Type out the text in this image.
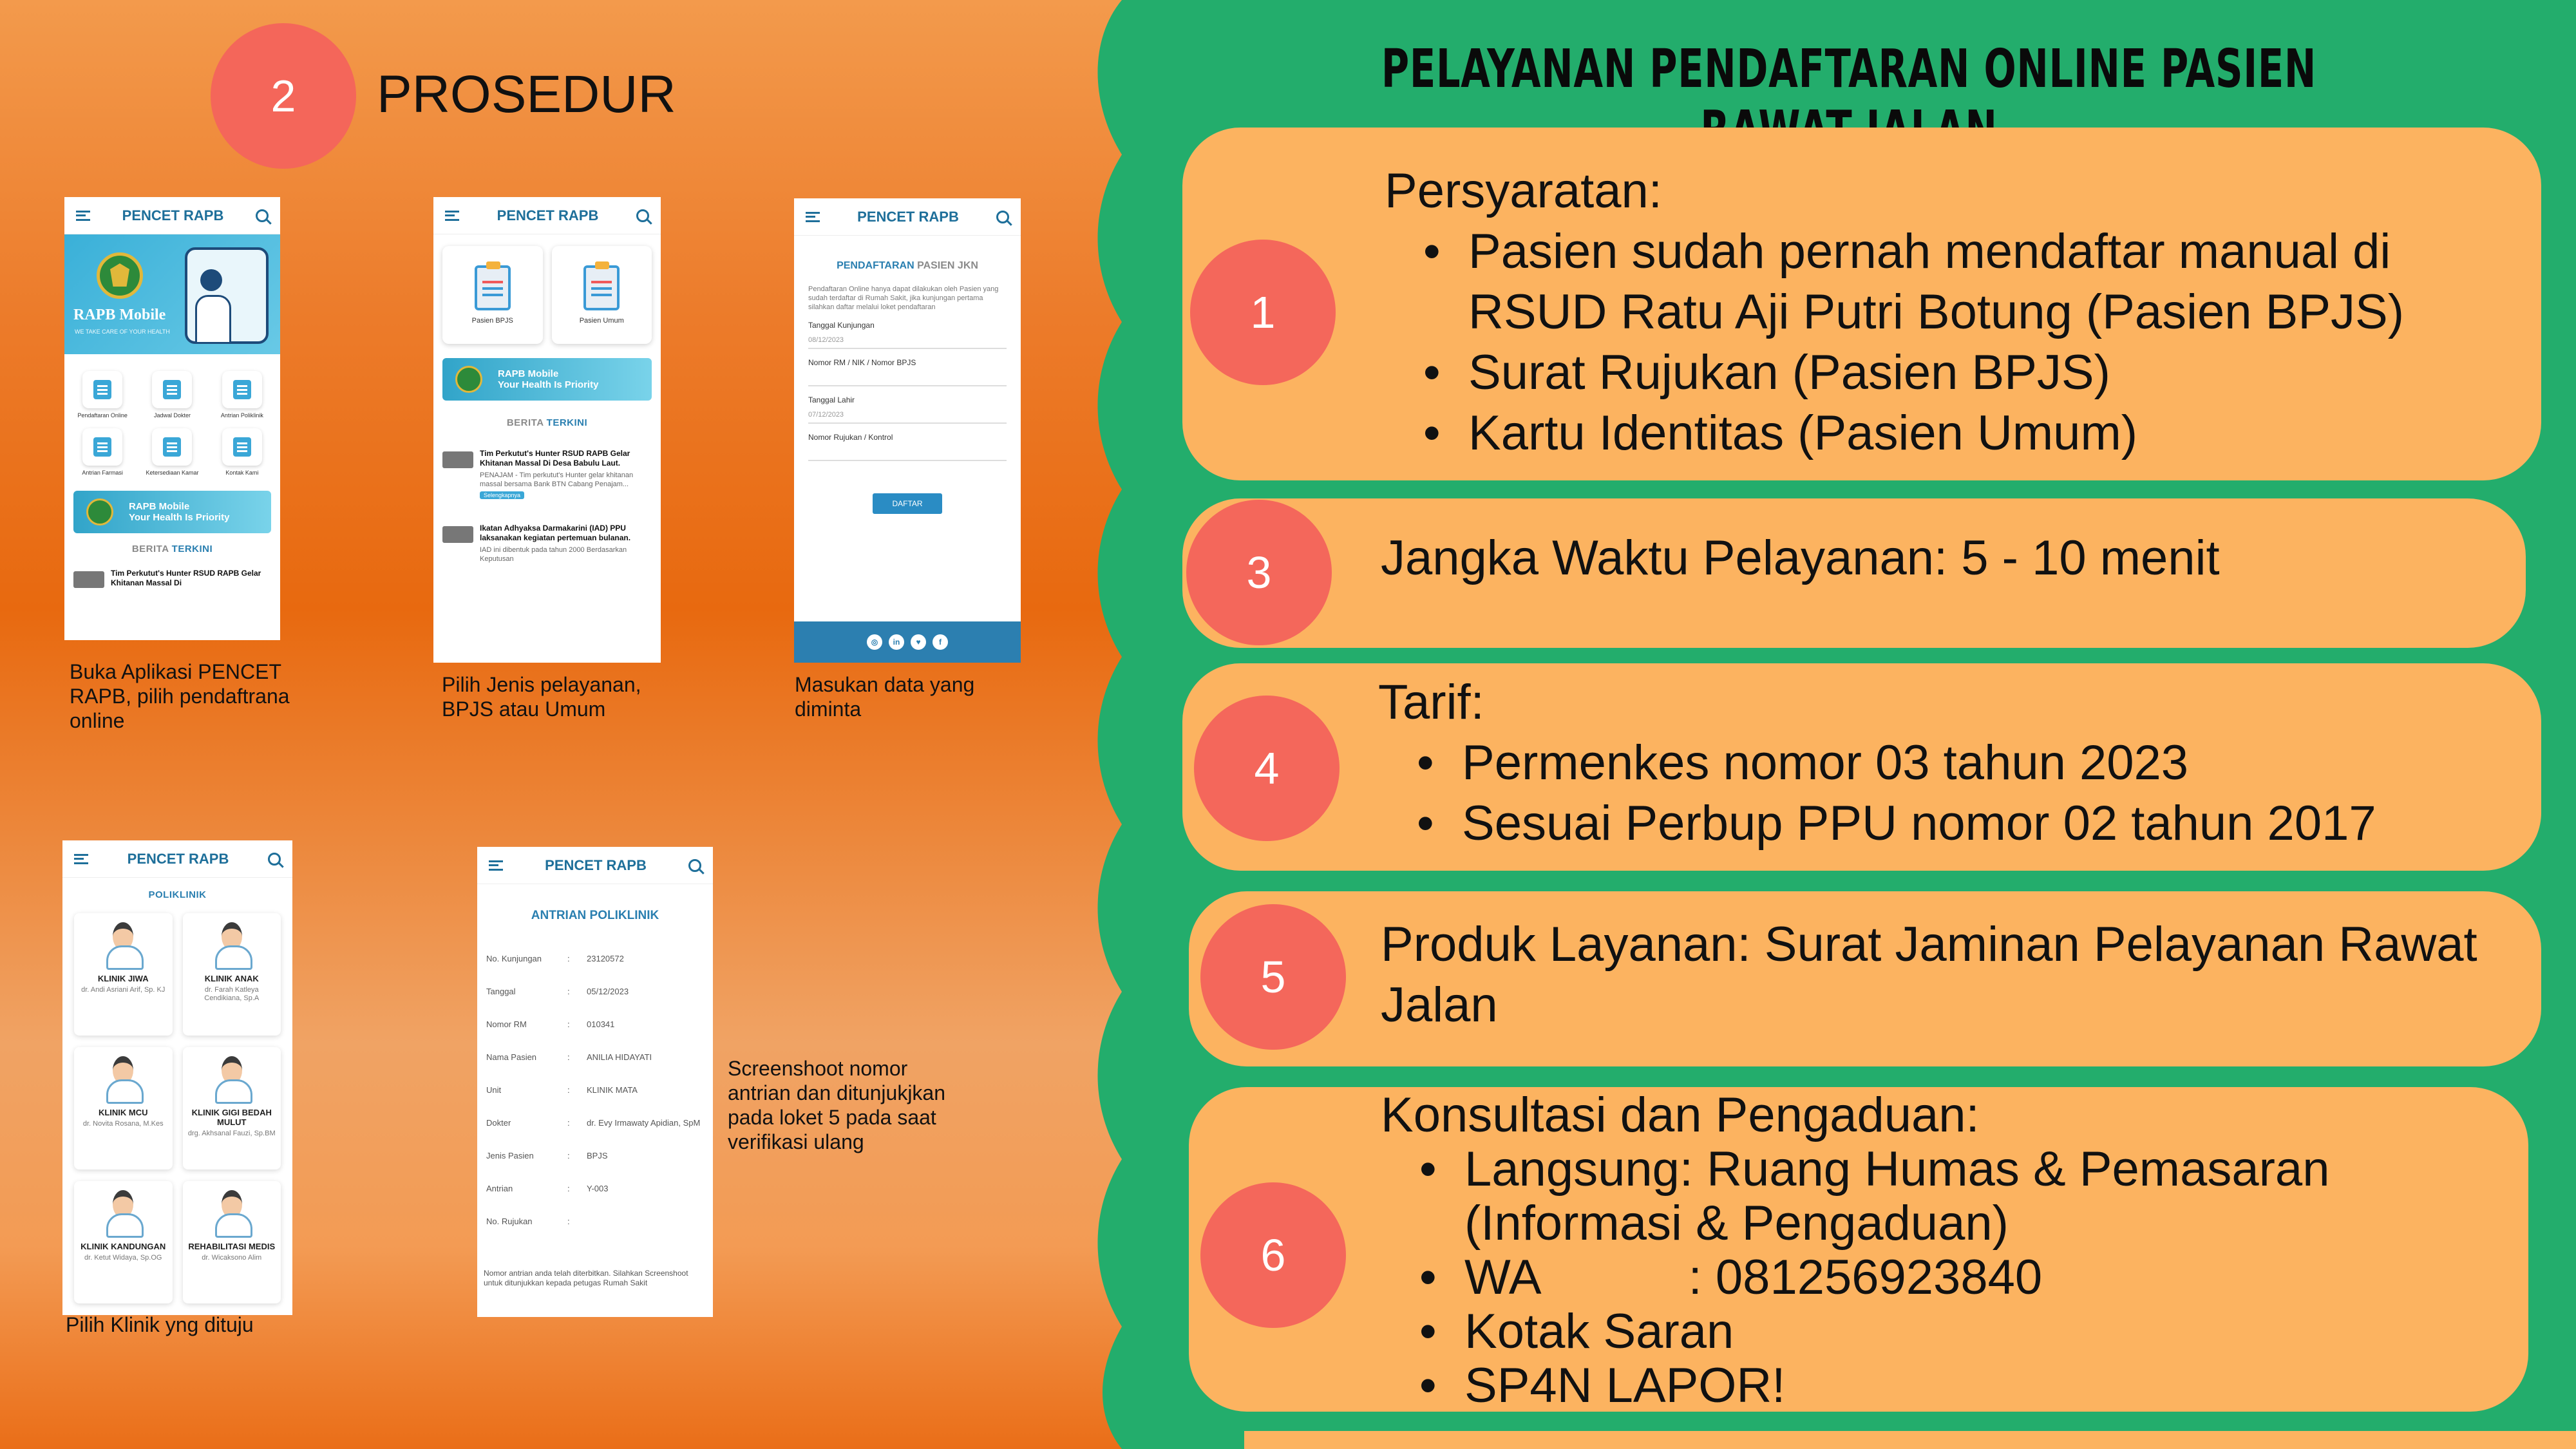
2	PROSEDUR
PENCET RAPB
RAPB Mobile
WE TAKE CARE OF YOUR HEALTH
Pendaftaran Online	Jadwal Dokter	Antrian Poliklinik
Antrian Farmasi	Ketersediaan Kamar	Kontak Kami
RAPB Mobile
Your Health Is Priority
BERITA TERKINI
Tim Perkutut's Hunter RSUD RAPB Gelar Khitanan Massal Di
Buka Aplikasi PENCET RAPB, pilih pendaftrana online
PENCET RAPB
Pasien BPJS	Pasien Umum
RAPB Mobile
Your Health Is Priority
BERITA TERKINI
Tim Perkutut's Hunter RSUD RAPB Gelar Khitanan Massal Di Desa Babulu Laut.
PENAJAM - Tim perkutut's Hunter gelar khitanan massal bersama Bank BTN Cabang Penajam...
Selengkapnya
Ikatan Adhyaksa Darmakarini (IAD) PPU laksanakan kegiatan pertemuan bulanan.
IAD ini dibentuk pada tahun 2000 Berdasarkan Keputusan
Pilih Jenis pelayanan, BPJS atau Umum
PENCET RAPB
PENDAFTARAN PASIEN JKN
Pendaftaran Online hanya dapat dilakukan oleh Pasien yang sudah terdaftar di Rumah Sakit, jika kunjungan pertama silahkan daftar melalui loket pendaftaran
Tanggal Kunjungan
08/12/2023
Nomor RM / NIK / Nomor BPJS
Tanggal Lahir
07/12/2023
Nomor Rujukan / Kontrol
DAFTAR
◎	in	♥	f
Masukan data yang diminta
PENCET RAPB
POLIKLINIK
KLINIK JIWA
dr. Andi Asriani Arif, Sp. KJ
KLINIK ANAK
dr. Farah Katleya Cendikiana, Sp.A
KLINIK MCU
dr. Novita Rosana, M.Kes
KLINIK GIGI BEDAH MULUT
drg. Akhsanal Fauzi, Sp.BM
KLINIK KANDUNGAN
dr. Ketut Widaya, Sp.OG
REHABILITASI MEDIS
dr. Wicaksono Alim
Pilih Klinik yng dituju
PENCET RAPB
ANTRIAN POLIKLINIK
No. Kunjungan	:	23120572
Tanggal	:	05/12/2023
Nomor RM	:	010341
Nama Pasien	:	ANILIA HIDAYATI
Unit	:	KLINIK MATA
Dokter	:	dr. Evy Irmawaty Apidian, SpM
Jenis Pasien	:	BPJS
Antrian	:	Y-003
No. Rujukan	:
Nomor antrian anda telah diterbitkan. Silahkan Screenshoot untuk ditunjukkan kepada petugas Rumah Sakit
Screenshoot nomor antrian dan ditunjukjkan pada loket 5 pada saat verifikasi ulang
PELAYANAN PENDAFTARAN ONLINE PASIEN
1
Persyaratan:
• Pasien sudah pernah mendaftar manual di RSUD Ratu Aji Putri Botung (Pasien BPJS)
• Surat Rujukan (Pasien BPJS)
• Kartu Identitas (Pasien Umum)
3	Jangka Waktu Pelayanan: 5 - 10 menit
4
Tarif:
• Permenkes nomor 03 tahun 2023
• Sesuai Perbup PPU nomor 02 tahun 2017
5
Produk Layanan: Surat Jaminan Pelayanan Rawat Jalan
6
Konsultasi dan Pengaduan:
• Langsung: Ruang Humas & Pemasaran (Informasi & Pengaduan)
• WA           : 081256923840
• Kotak Saran
• SP4N LAPOR!
